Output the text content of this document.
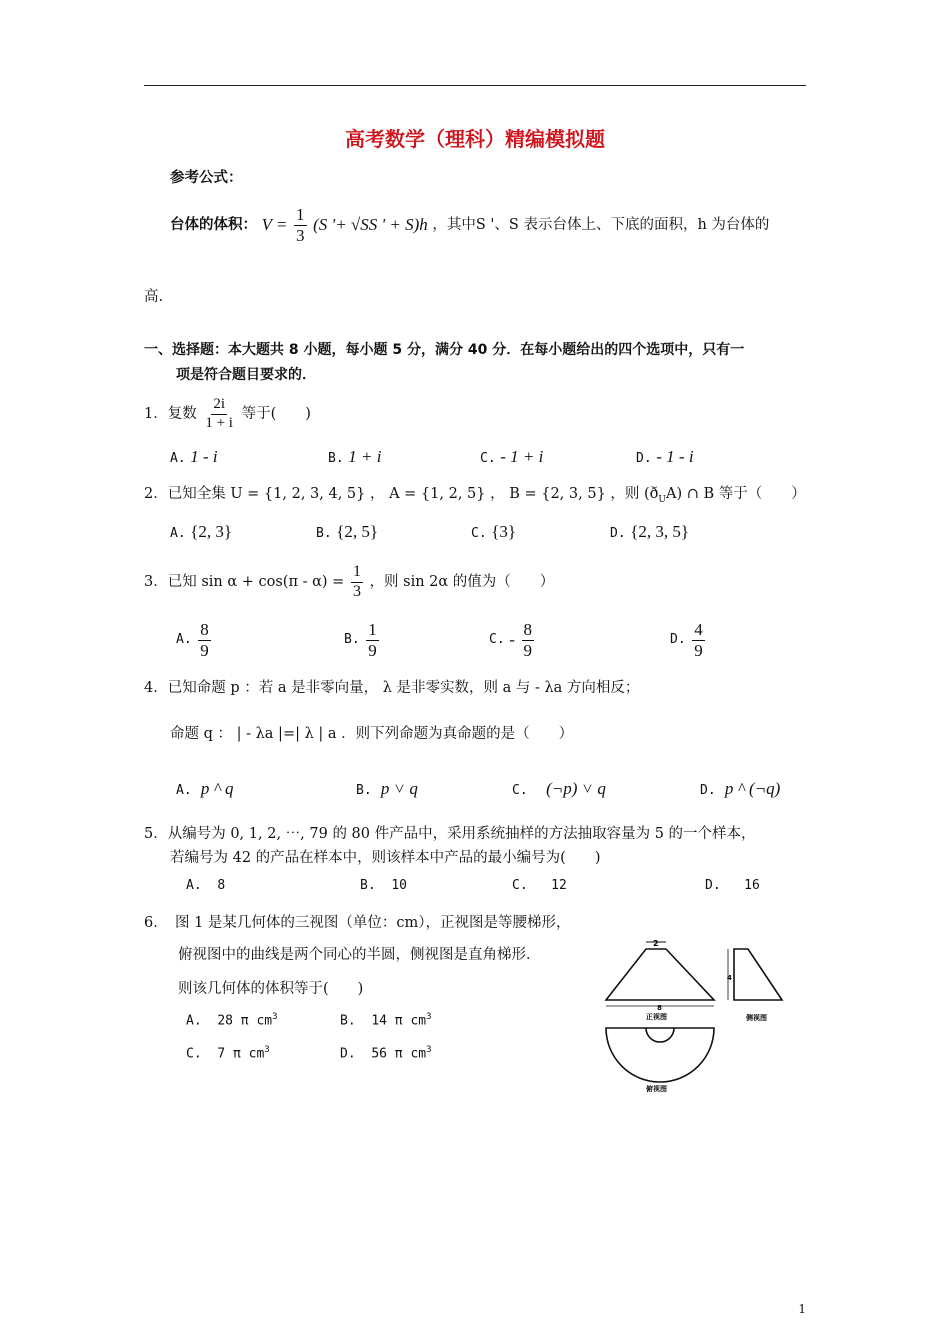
高考数学（理科）精编模拟题
参考公式：
台体的体积： $V = \frac{1}{3} (S$ '+ √SS ' + S)h ，其中S '、S 表示台体上、下底的面积，h 为台体的
高.
一、选择题：本大题共 8 小题，每小题 5 分，满分 40 分．在每小题给出的四个选项中，只有一
项是符合题目要求的．
1．复数 $\frac{2i}{1 + i}$ 等于(　　)
A. 1 - i	B. 1 + i	C. - 1 + i	D. - 1 - i
2．已知全集 U = {1, 2, 3, 4, 5} ， A = {1, 2, 5} ， B = {2, 3, 5} ，则 $(ð_UA)$ ∩ B 等于（　　）
A. {2, 3}	B. {2, 5}	C. {3}	D. {2, 3, 5}
3．已知 $\sin \alpha + \cos(\pi - \alpha) = \frac{1}{3}$ ，则 sin 2α 的值为（　　）
A. $\frac{8}{9}$	B. $\frac{1}{9}$	C. - $\frac{8}{9}$	D. $\frac{4}{9}$
4．已知命题 p ：若 a 是非零向量， λ 是非零实数，则 a 与 - λa 方向相反；
命题 q ： | - λa |=| λ | a ．则下列命题为真命题的是（　　）
A. p ^ q	B. p ˅ q	C. (¬p) ˅ q	D. p ^ (¬q)
5．从编号为 0, 1, 2, ⋯, 79 的 80 件产品中，采用系统抽样的方法抽取容量为 5 的一个样本，
若编号为 42 的产品在样本中，则该样本中产品的最小编号为(　　)
A. 8	B. 10	C. 12	D. 16
6．　图 1 是某几何体的三视图（单位：cm），正视图是等腰梯形，
俯视图中的曲线是两个同心的半圆，侧视图是直角梯形．
则该几何体的体积等于(　　)
A. 28 π $cm^3$	B. 14 π $cm^3$
C. 7 π $cm^3$	D. 56 π $cm^3$
2
8
正视图
4
侧视图
俯视图
1
